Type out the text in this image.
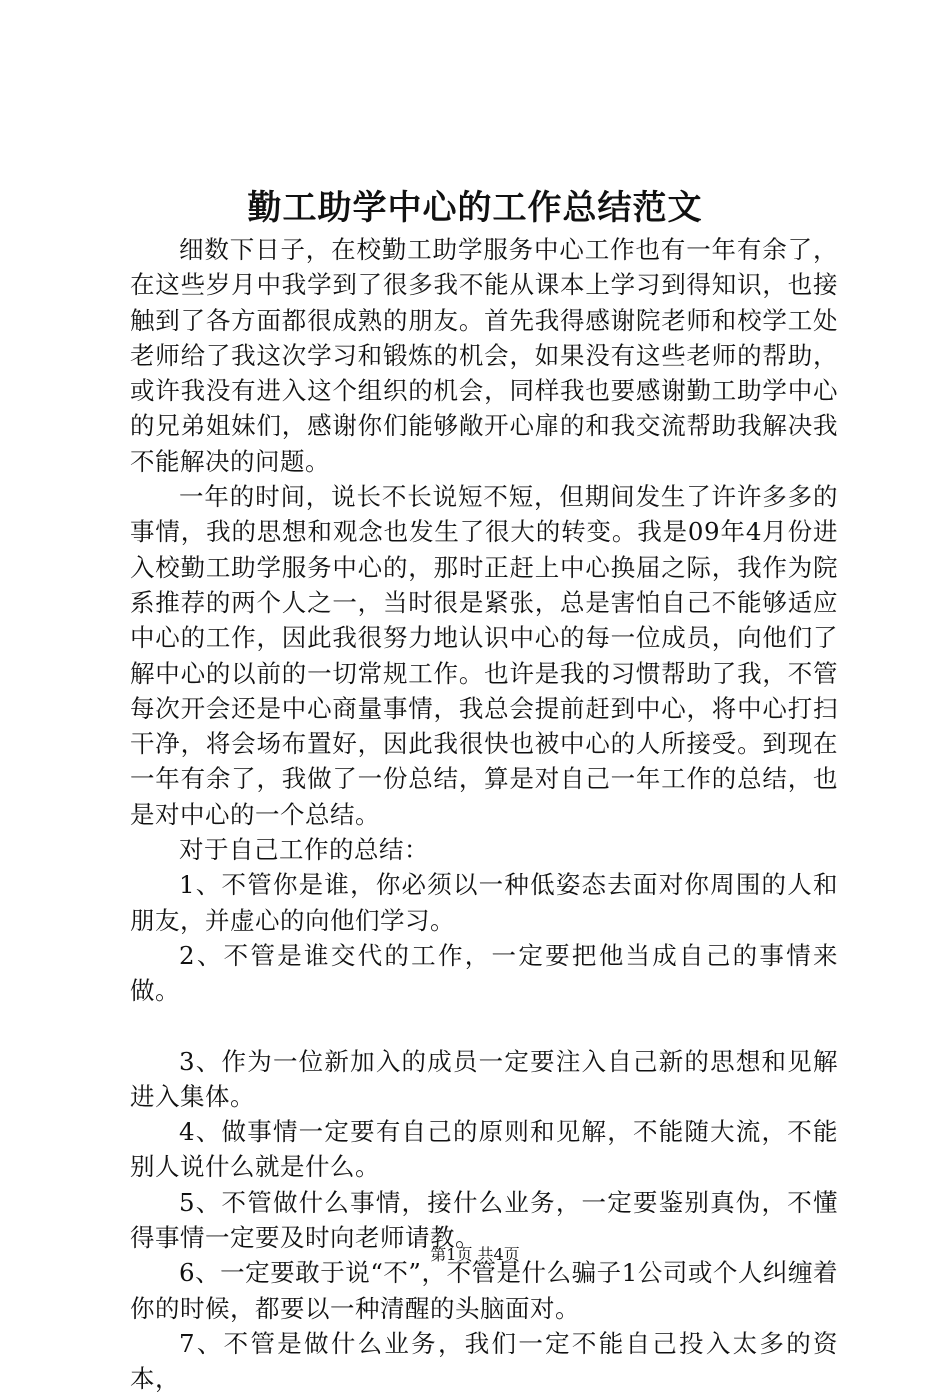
勤工助学中心的工作总结范文

细数下日子，在校勤工助学服务中心工作也有一年有余了，在这些岁月中我学到了很多我不能从课本上学习到得知识，也接触到了各方面都很成熟的朋友。首先我得感谢院老师和校学工处老师给了我这次学习和锻炼的机会，如果没有这些老师的帮助，或许我没有进入这个组织的机会，同样我也要感谢勤工助学中心的兄弟姐妹们，感谢你们能够敞开心扉的和我交流帮助我解决我不能解决的问题。

一年的时间，说长不长说短不短，但期间发生了许许多多的事情，我的思想和观念也发生了很大的转变。我是09年4月份进入校勤工助学服务中心的，那时正赶上中心换届之际，我作为院系推荐的两个人之一，当时很是紧张，总是害怕自己不能够适应中心的工作，因此我很努力地认识中心的每一位成员，向他们了解中心的以前的一切常规工作。也许是我的习惯帮助了我，不管每次开会还是中心商量事情，我总会提前赶到中心，将中心打扫干净，将会场布置好，因此我很快也被中心的人所接受。到现在一年有余了，我做了一份总结，算是对自己一年工作的总结，也是对中心的一个总结。

对于自己工作的总结：

1、不管你是谁，你必须以一种低姿态去面对你周围的人和朋友，并虚心的向他们学习。

2、不管是谁交代的工作，一定要把他当成自己的事情来做。

3、作为一位新加入的成员一定要注入自己新的思想和见解进入集体。

4、做事情一定要有自己的原则和见解，不能随大流，不能别人说什么就是什么。

5、不管做什么事情，接什么业务，一定要鉴别真伪，不懂得事情一定要及时向老师请教。

6、一定要敢于说“不”，不管是什么骗子1公司或个人纠缠着你的时候，都要以一种清醒的头脑面对。

7、不管是做什么业务，我们一定不能自己投入太多的资本，

第1页 共4页
